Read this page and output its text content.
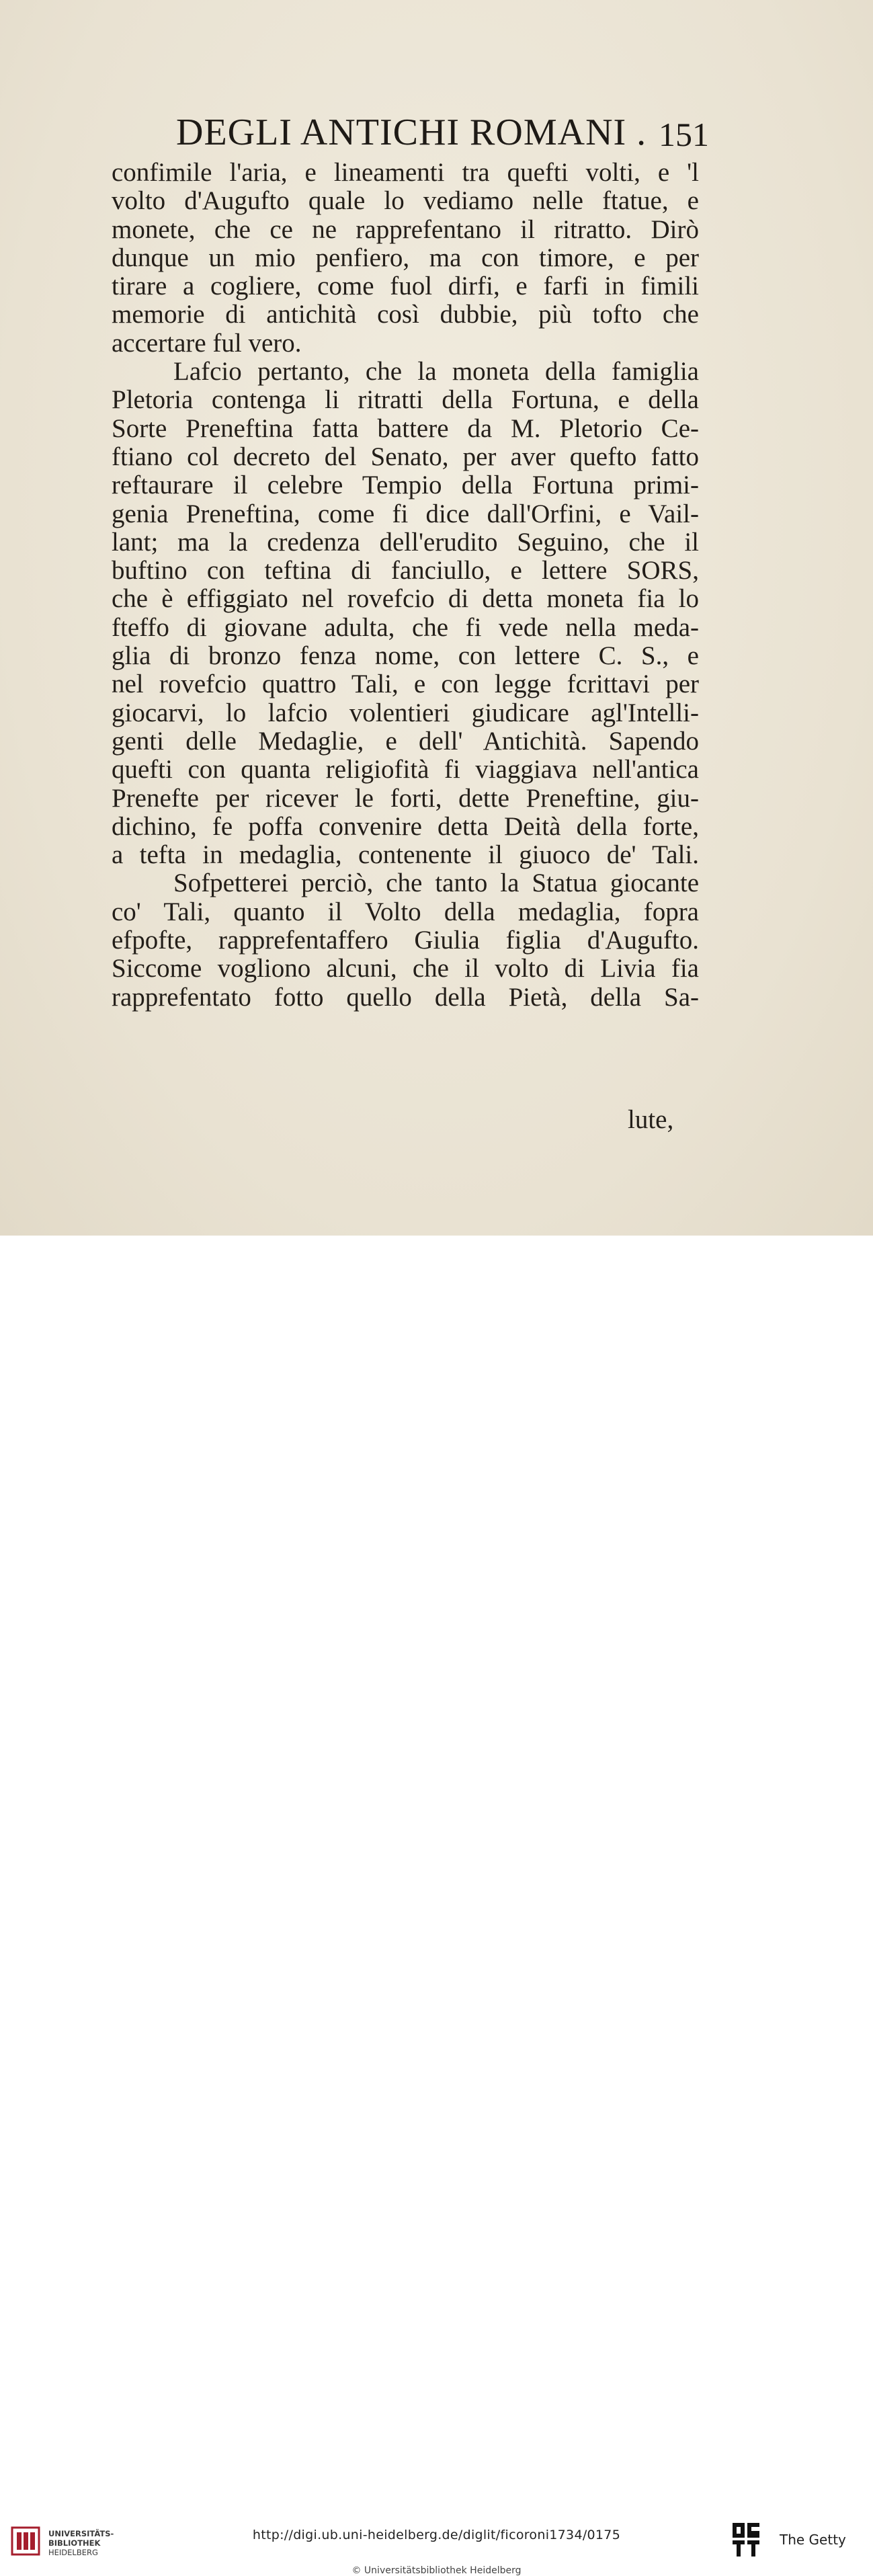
DEGLI ANTICHI ROMANI . 151
confimile l'aria, e lineamenti tra quefti volti, e 'l
volto d'Augufto quale lo vediamo nelle ftatue, e
monete, che ce ne rapprefentano il ritratto. Dirò
dunque un mio penfiero, ma con timore, e per
tirare a cogliere, come fuol dirfi, e farfi in fimili
memorie di antichità così dubbie, più tofto che
accertare ful vero.
Lafcio pertanto, che la moneta della famiglia
Pletoria contenga li ritratti della Fortuna, e della
Sorte Preneftina fatta battere da M. Pletorio Ce-
ftiano col decreto del Senato, per aver quefto fatto
reftaurare il celebre Tempio della Fortuna primi-
genia Preneftina, come fi dice dall'Orfini, e Vail-
lant; ma la credenza dell'erudito Seguino, che il
buftino con teftina di fanciullo, e lettere SORS,
che è effiggiato nel rovefcio di detta moneta fia lo
fteffo di giovane adulta, che fi vede nella meda-
glia di bronzo fenza nome, con lettere C. S., e
nel rovefcio quattro Tali, e con legge fcrittavi per
giocarvi, lo lafcio volentieri giudicare agl'Intelli-
genti delle Medaglie, e dell' Antichità. Sapendo
quefti con quanta religiofità fi viaggiava nell'antica
Prenefte per ricever le forti, dette Preneftine, giu-
dichino, fe poffa convenire detta Deità della forte,
a tefta in medaglia, contenente il giuoco de' Tali.
Sofpetterei perciò, che tanto la Statua giocante
co' Tali, quanto il Volto della medaglia, fopra
efpofte, rapprefentaffero Giulia figlia d'Augufto.
Siccome vogliono alcuni, che il volto di Livia fia
rapprefentato fotto quello della Pietà, della Sa-
lute,
UNIVERSITÄTS-
BIBLIOTHEK
HEIDELBERG
http://digi.ub.uni-heidelberg.de/diglit/ficoroni1734/0175
© Universitätsbibliothek Heidelberg
The Getty
